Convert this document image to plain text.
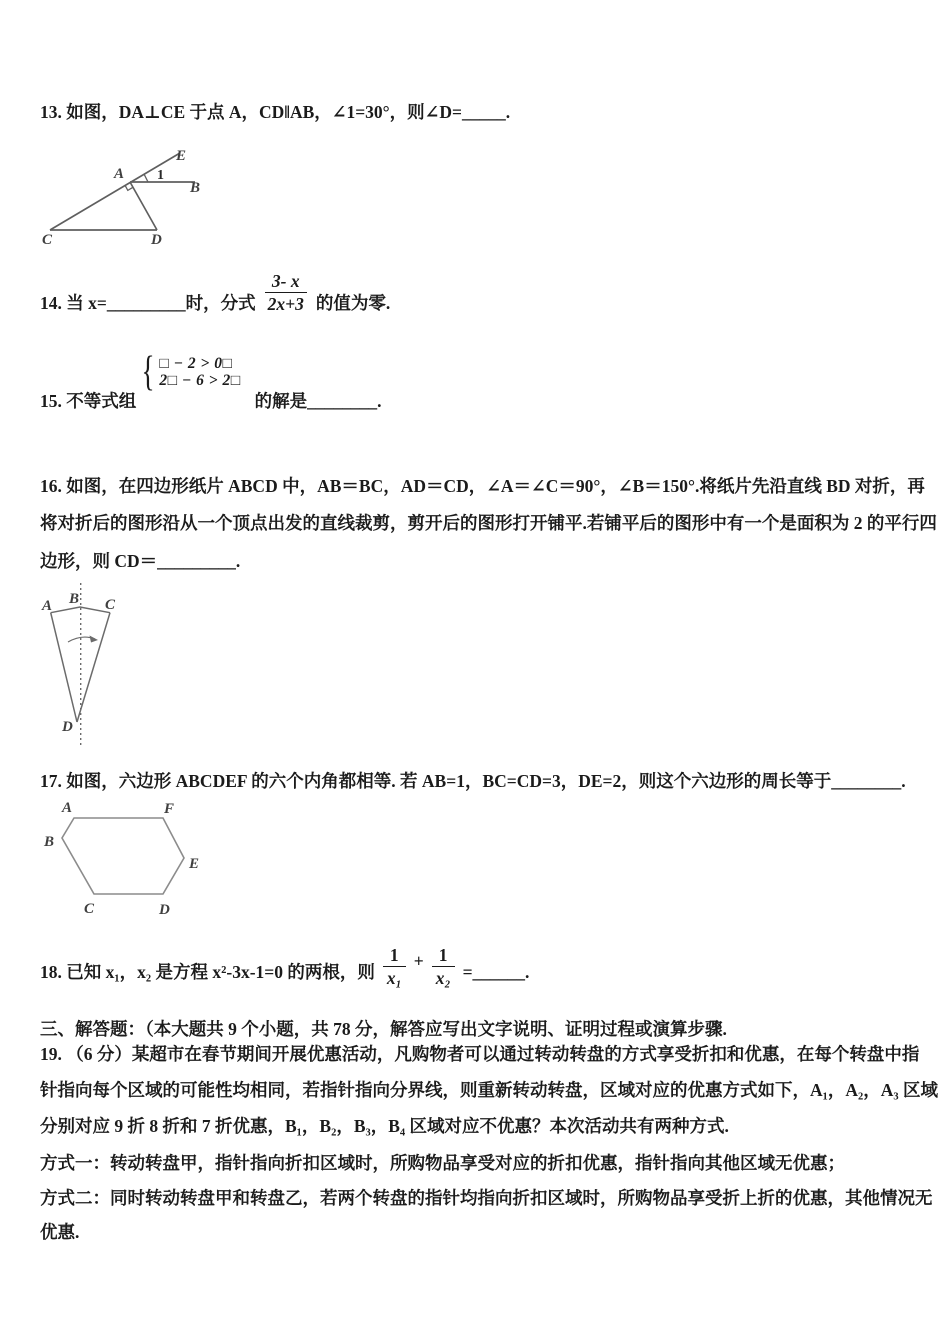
13. 如图，DA⊥CE 于点 A，CD‖AB，∠1=30°，则∠D=_____.
E
A 1
B
C	D
14. 当 x= _________ 时，分式 $\frac{3- x}{2x+3}$ 的值为零.
15. 不等式组
{ □ − 2 > 0□
2□ − 6 > 2□
的解是________.
16. 如图，在四边形纸片 ABCD 中，AB＝BC，AD＝CD，∠A＝∠C＝90°，∠B＝150°.将纸片先沿直线 BD 对折，再
将对折后的图形沿从一个顶点出发的直线裁剪，剪开后的图形打开铺平.若铺平后的图形中有一个是面积为 2 的平行四
边形，则 CD＝_________.
A B C
D
17. 如图，六边形 ABCDEF 的六个内角都相等. 若 AB=1，BC=CD=3，DE=2，则这个六边形的周长等于________.
A	F
B
E
C	D
18. 已知 x₁，x₂ 是方程 x²-3x-1=0 的两根，则 $\frac{1}{\text{x₁}} + \frac{1}{\text{x₂}}$ =______.
三、解答题：（本大题共 9 个小题，共 78 分，解答应写出文字说明、证明过程或演算步骤.
19. （6 分）某超市在春节期间开展优惠活动，凡购物者可以通过转动转盘的方式享受折扣和优惠，在每个转盘中指
针指向每个区域的可能性均相同，若指针指向分界线，则重新转动转盘，区域对应的优惠方式如下，A₁，A₂，A₃ 区域
分别对应 9 折 8 折和 7 折优惠，B₁，B₂，B₃，B₄ 区域对应不优惠？本次活动共有两种方式.
方式一：转动转盘甲，指针指向折扣区域时，所购物品享受对应的折扣优惠，指针指向其他区域无优惠；
方式二：同时转动转盘甲和转盘乙，若两个转盘的指针均指向折扣区域时，所购物品享受折上折的优惠，其他情况无
优惠.
